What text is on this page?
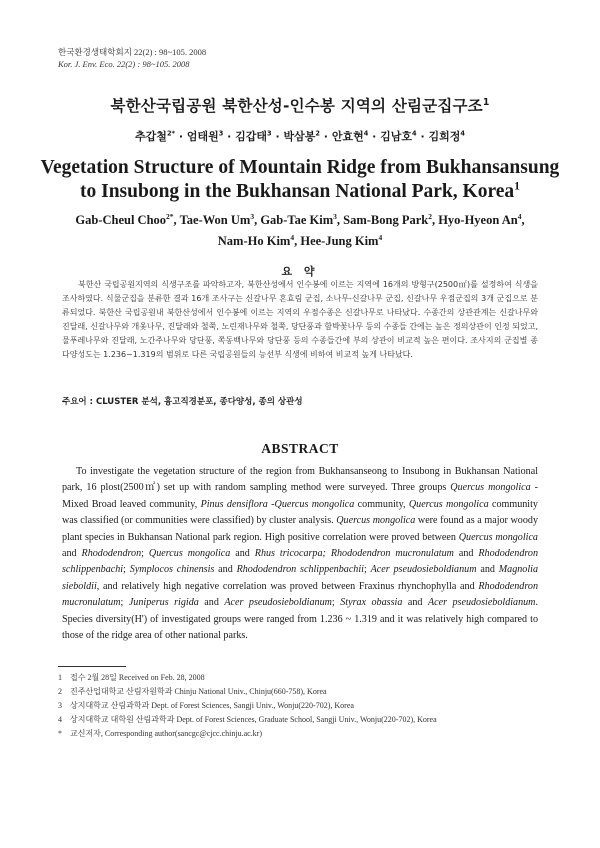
한국환경생태학회지 22(2) : 98~105. 2008
Kor. J. Env. Eco. 22(2) : 98~105. 2008
북한산국립공원 북한산성-인수봉 지역의 산림군집구조$^1$
추갑철$^{2*}$ · 엄태원$^3$ · 김갑태$^3$ · 박삼봉$^2$ · 안효현$^4$ · 김남호$^4$ · 김희정$^4$
Vegetation Structure of Mountain Ridge from Bukhansansung
to Insubong in the Bukhansan National Park, Korea$^1$
Gab-Cheul Choo$^{2*}$, Tae-Won Um$^3$, Gab-Tae Kim$^3$, Sam-Bong Park$^2$, Hyo-Hyeon An$^4$,
Nam-Ho Kim$^4$, Hee-Jung Kim$^4$
요 약
북한산 국립공원지역의 식생구조를 파악하고자, 북한산성에서 인수봉에 이르는 지역에 16개의 방형구(2500㎡)를 설정하여 식생을 조사하였다. 식물군집을 분류한 결과 16개 조사구는 신갈나무 혼효림 군집, 소나무-신갈나무 군집, 신갈나무 우점군집의 3개 군집으로 분류되었다. 북한산 국립공원내 북한산성에서 인수봉에 이르는 지역의 우점수종은 신갈나무로 나타났다. 수종간의 상관관계는 신갈나무와 진달래, 신갈나무와 개옻나무, 진달래와 철쭉, 노린재나무와 철쭉, 당단풍과 함박꽃나무 등의 수종들 간에는 높은 정의상관이 인정 되었고, 물푸레나무와 진달래, 노간주나무와 당단풍, 쪽동백나무와 당단풍 등의 수종들간에 부의 상관이 비교적 높은 편이다. 조사지의 군집별 종 다양성도는 1.236~1.319의 범위로 다른 국립공원들의 능선부 식생에 비하여 비교적 높게 나타났다.
주요어 : CLUSTER 분석, 흉고직경분포, 종다양성, 종의 상관성
ABSTRACT
To investigate the vegetation structure of the region from Bukhansanseong to Insubong in Bukhansan National park, 16 plost(2500㎡) set up with random sampling method were surveyed. Three groups Quercus mongolica -Mixed Broad leaved community, Pinus densiflora -Quercus mongolica community, Quercus mongolica community was classified (or communities were classified) by cluster analysis. Quercus mongolica were found as a major woody plant species in Bukhansan National park region. High positive correlation were proved between Quercus mongolica and Rhododendron; Quercus mongolica and Rhus tricocarpa; Rhododendron mucronulatum and Rhododendron schlippenbachi; Symplocos chinensis and Rhododendron schlippenbachii; Acer pseudosieboldianum and Magnolia sieboldii, and relatively high negative correlation was proved between Fraxinus rhynchophylla and Rhododendron mucronulatum; Juniperus rigida and Acer pseudosieboldianum; Styrax obassia and Acer pseudosieboldianum. Species diversity(H') of investigated groups were ranged from 1.236 ~ 1.319 and it was relatively high compared to those of the ridge area of other national parks.
1 접수 2월 28일 Received on Feb. 28, 2008
2 진주산업대학교 산림자원학과 Chinju National Univ., Chinju(660-758), Korea
3 상지대학교 산림과학과 Dept. of Forest Sciences, Sangji Univ., Wonju(220-702), Korea
4 상지대학교 대학원 산림과학과 Dept. of Forest Sciences, Graduate School, Sangji Univ., Wonju(220-702), Korea
* 교신저자, Corresponding author(sancgc@cjcc.chinju.ac.kr)
